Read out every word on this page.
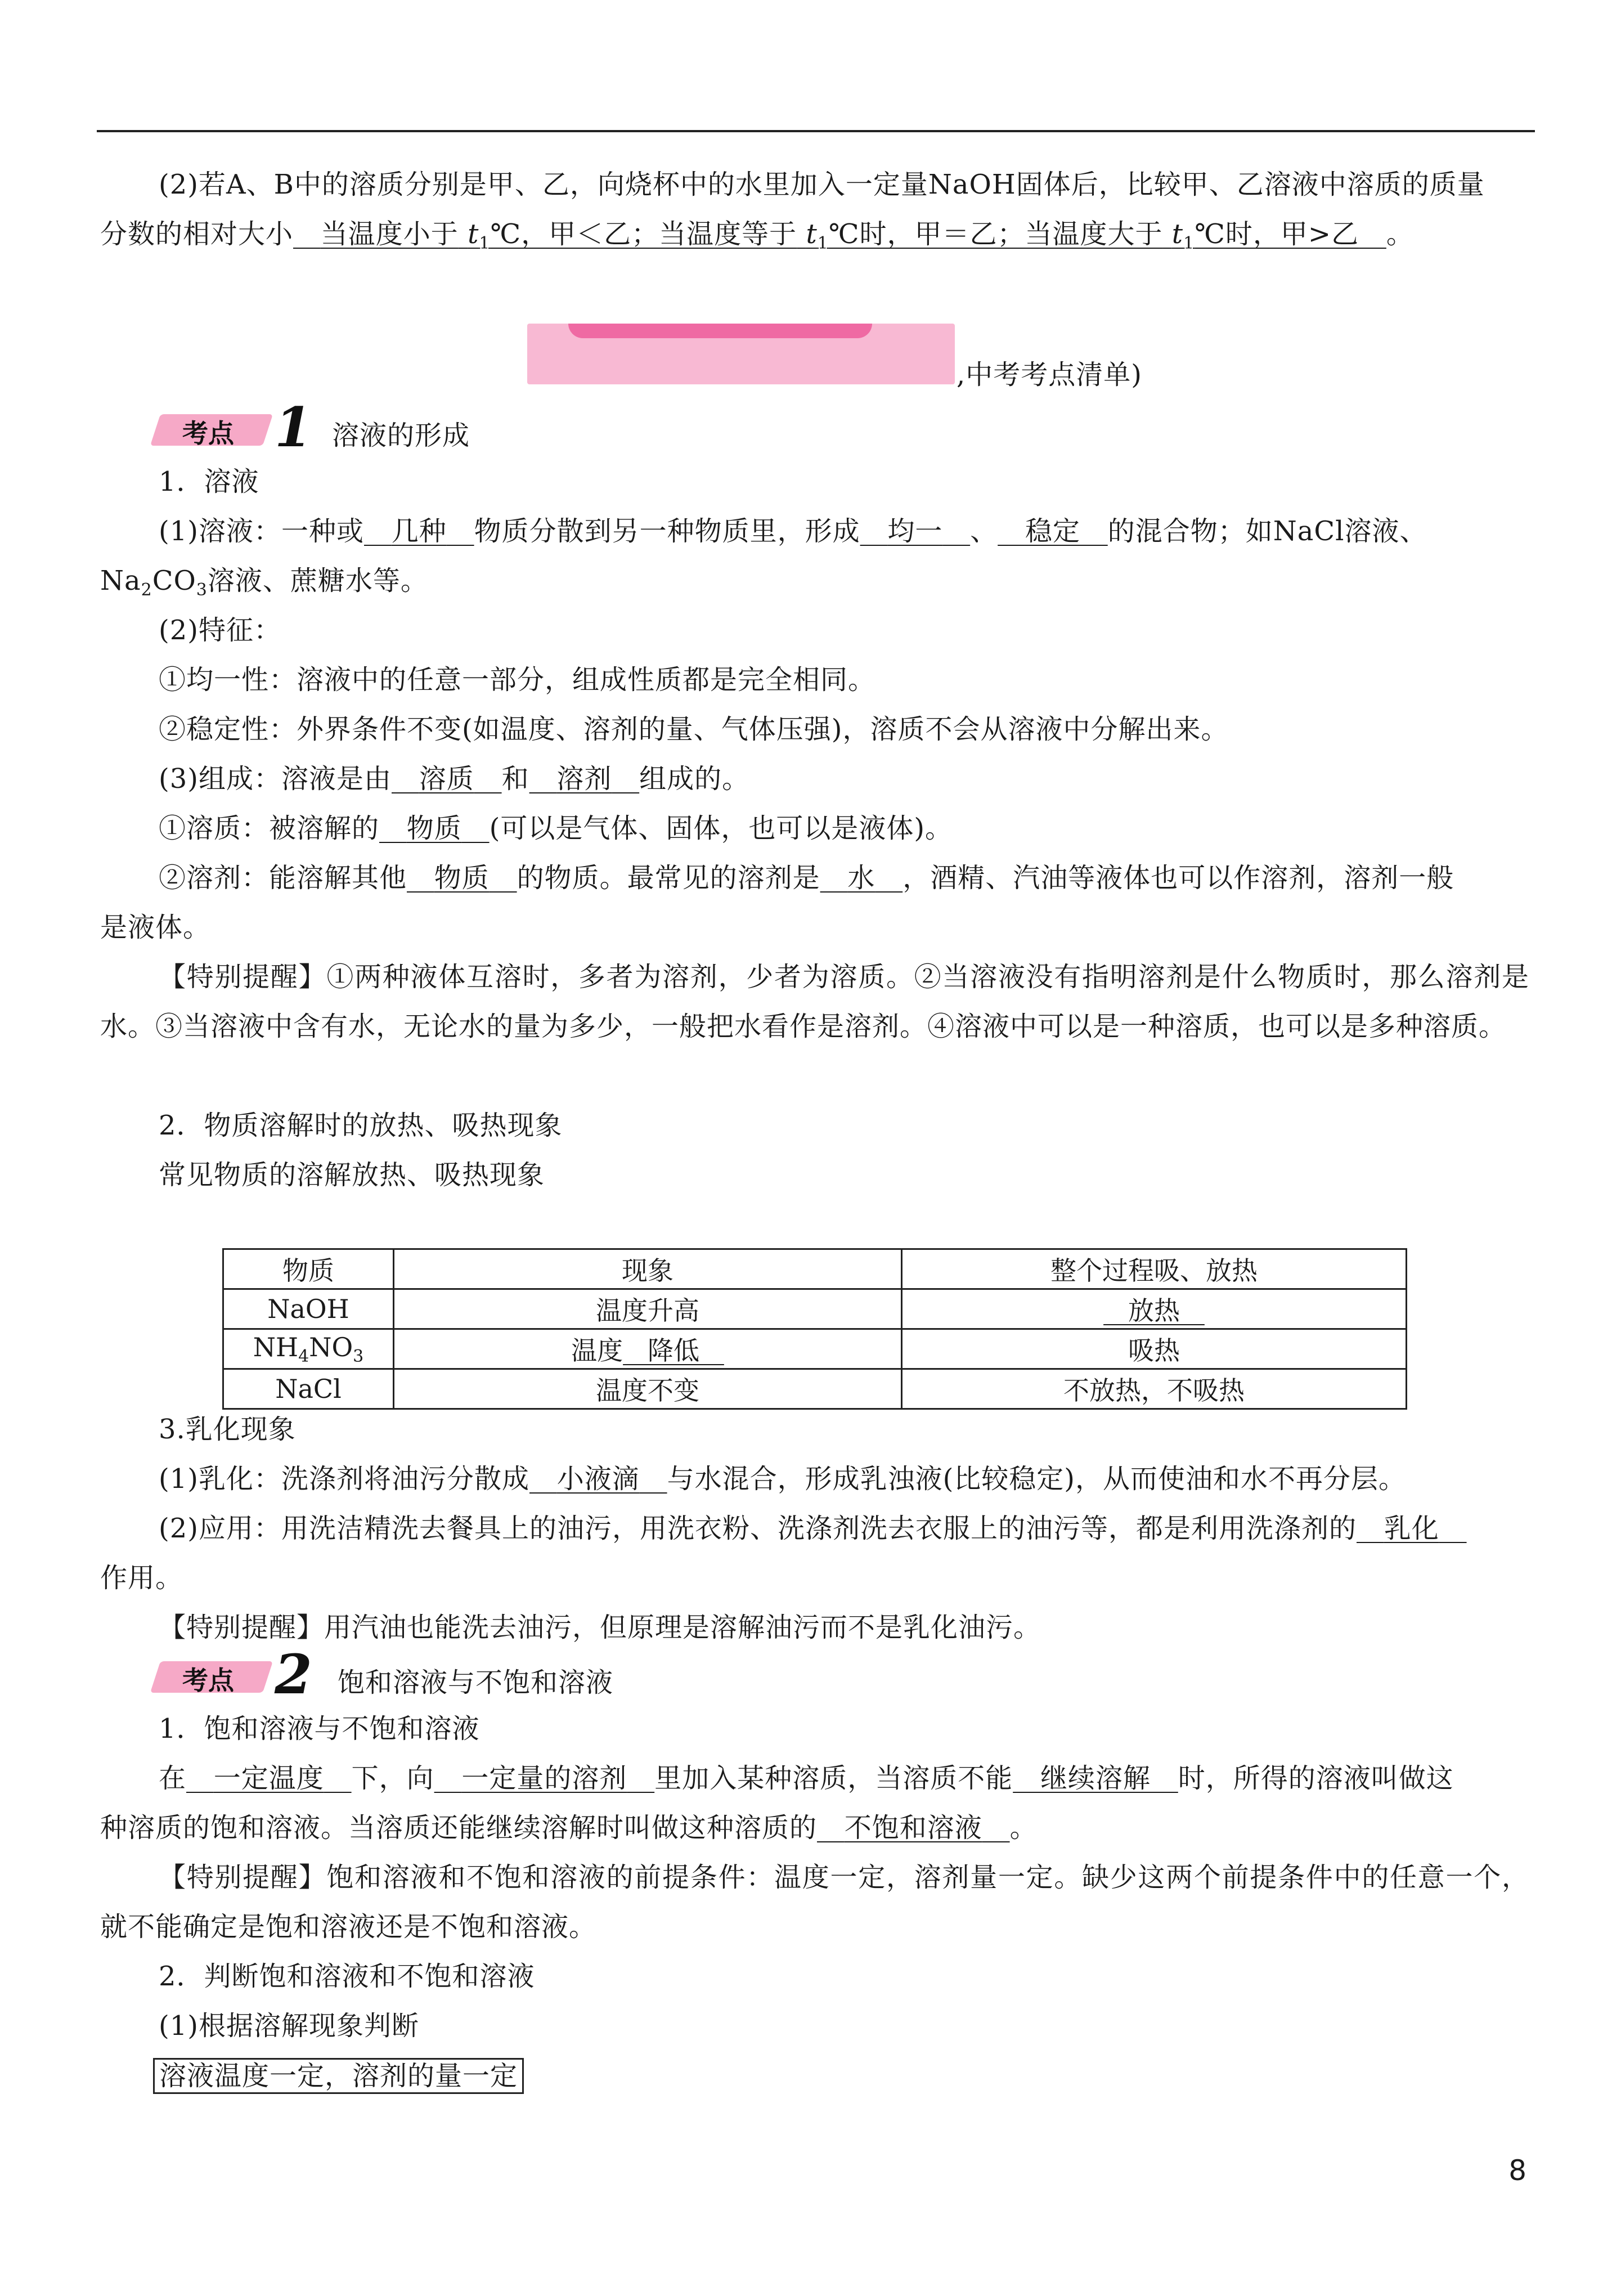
(2)若A、B中的溶质分别是甲、乙，向烧杯中的水里加入一定量NaOH固体后，比较甲、乙溶液中溶质的质量
分数的相对大小 当温度小于 $t_1℃$，甲＜乙；当温度等于 $t_1℃$时，甲＝乙；当温度大于 $t_1℃$时，甲>乙 。
,中考考点清单)
考点 1 溶液的形成
1．溶液
(1)溶液：一种或 几种 物质分散到另一种物质里，形成 均一 、 稳定 的混合物；如NaCl溶液、
$Na_2CO_3$溶液、蔗糖水等。
(2)特征：
①均一性：溶液中的任意一部分，组成性质都是完全相同。
②稳定性：外界条件不变(如温度、溶剂的量、气体压强)，溶质不会从溶液中分解出来。
(3)组成：溶液是由 溶质 和 溶剂 组成的。
①溶质：被溶解的 物质 (可以是气体、固体，也可以是液体)。
②溶剂：能溶解其他 物质 的物质。最常见的溶剂是 水 ，酒精、汽油等液体也可以作溶剂，溶剂一般
是液体。

【特别提醒】①两种液体互溶时，多者为溶剂，少者为溶质。②当溶液没有指明溶剂是什么物质时，那么溶剂是水。③当溶液中含有水，无论水的量为多少，一般把水看作是溶剂。④溶液中可以是一种溶质，也可以是多种溶质。

2．物质溶解时的放热、吸热现象
常见物质的溶解放热、吸热现象
物质	现象	整个过程吸、放热
NaOH	温度升高	放热
$NH_4NO_3$	温度 降低	吸热
NaCl	温度不变	不放热，不吸热
3.乳化现象
(1)乳化：洗涤剂将油污分散成 小液滴 与水混合，形成乳浊液(比较稳定)，从而使油和水不再分层。
(2)应用：用洗洁精洗去餐具上的油污，用洗衣粉、洗涤剂洗去衣服上的油污等，都是利用洗涤剂的 乳化
作用。
【特别提醒】用汽油也能洗去油污，但原理是溶解油污而不是乳化油污。
考点 2 饱和溶液与不饱和溶液
1．饱和溶液与不饱和溶液
在 一定温度 下，向 一定量的溶剂 里加入某种溶质，当溶质不能 继续溶解 时，所得的溶液叫做这
种溶质的饱和溶液。当溶质还能继续溶解时叫做这种溶质的 不饱和溶液 。

【特别提醒】饱和溶液和不饱和溶液的前提条件：温度一定，溶剂量一定。缺少这两个前提条件中的任意一个，就不能确定是饱和溶液还是不饱和溶液。

2．判断饱和溶液和不饱和溶液
(1)根据溶解现象判断
溶液温度一定，溶剂的量一定
8
